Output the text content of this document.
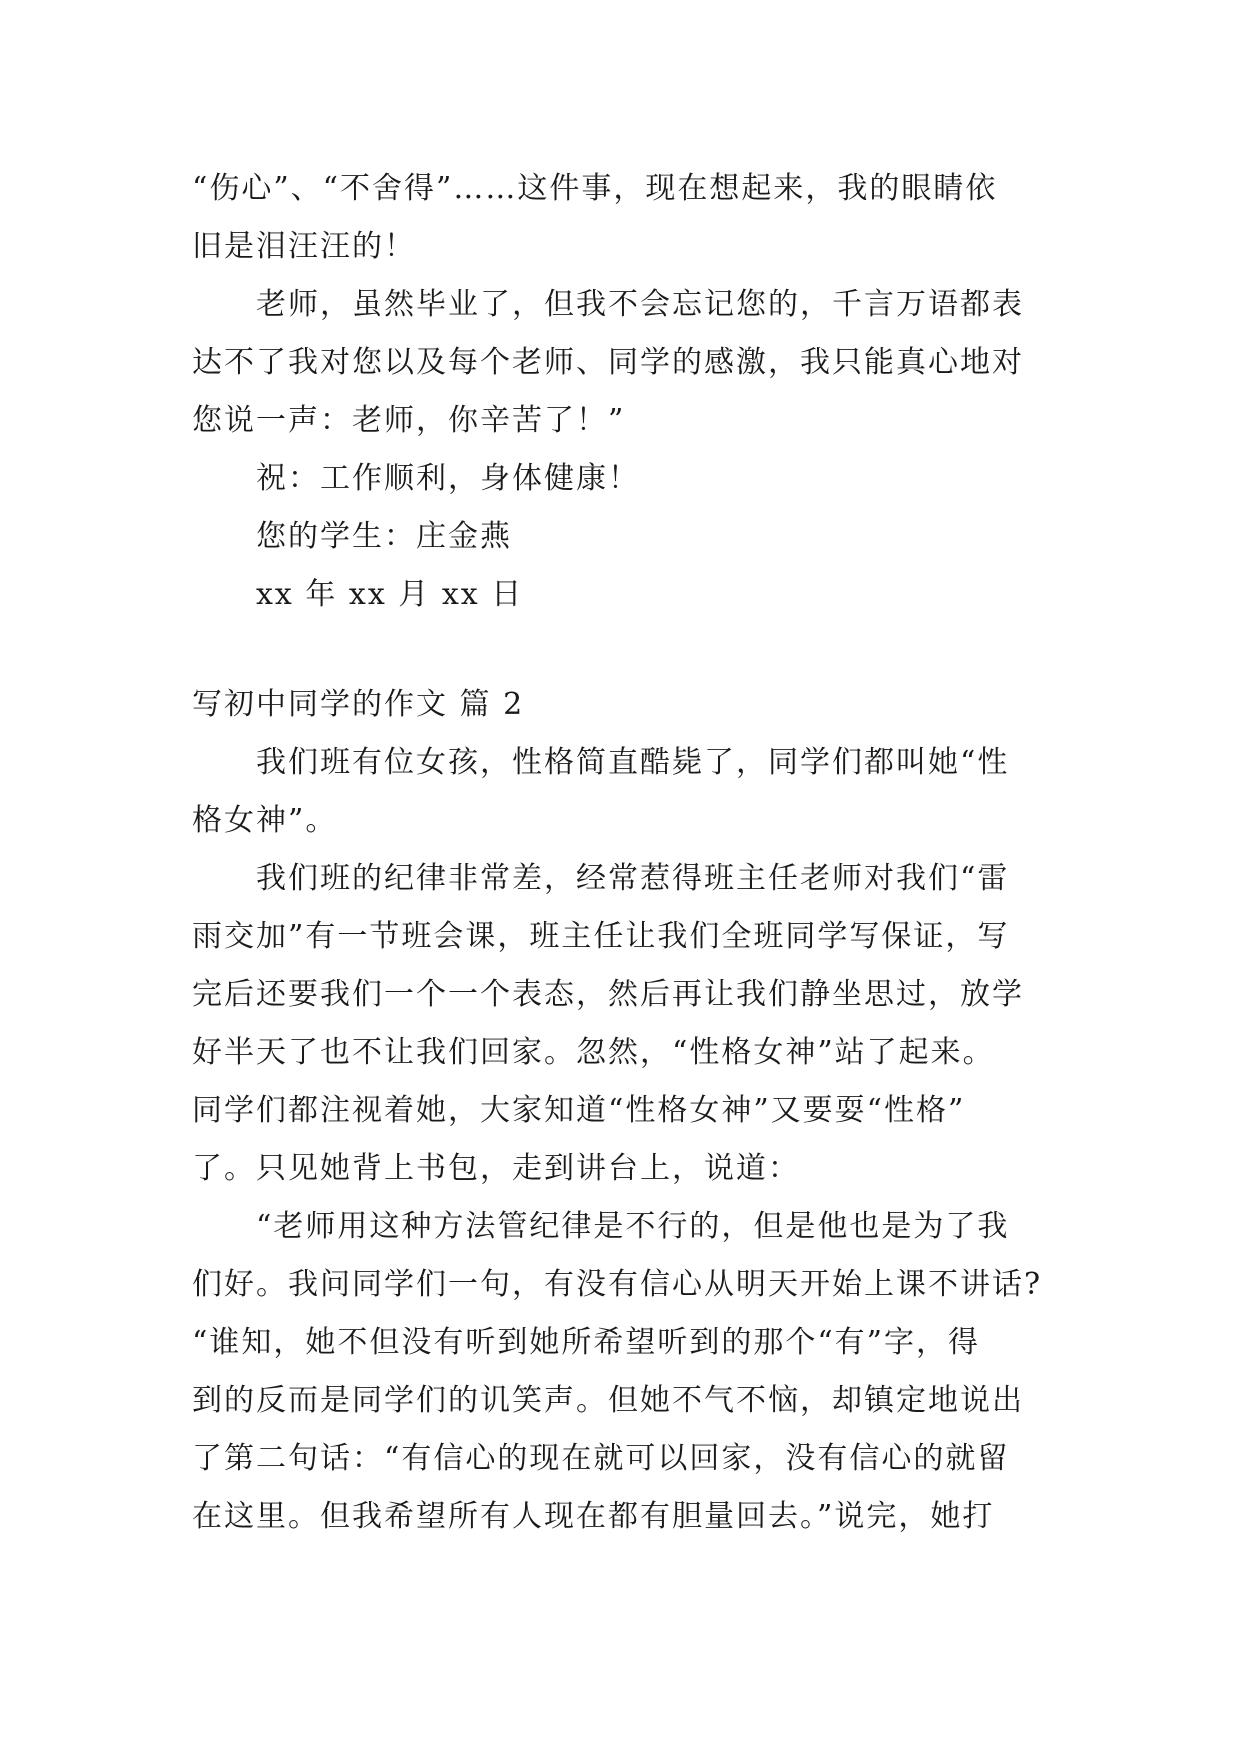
“伤心”、“不舍得”……这件事，现在想起来，我的眼睛依
旧是泪汪汪的！
老师，虽然毕业了，但我不会忘记您的，千言万语都表
达不了我对您以及每个老师、同学的感激，我只能真心地对
您说一声：老师，你辛苦了！”
祝：工作顺利，身体健康！
您的学生：庄金燕
xx 年 xx 月 xx 日
写初中同学的作文 篇 2
我们班有位女孩，性格简直酷毙了，同学们都叫她“性
格女神”。
我们班的纪律非常差，经常惹得班主任老师对我们“雷
雨交加”有一节班会课，班主任让我们全班同学写保证，写
完后还要我们一个一个表态，然后再让我们静坐思过，放学
好半天了也不让我们回家。忽然，“性格女神”站了起来。
同学们都注视着她，大家知道“性格女神”又要耍“性格”
了。只见她背上书包，走到讲台上，说道：
“老师用这种方法管纪律是不行的，但是他也是为了我
们好。我问同学们一句，有没有信心从明天开始上课不讲话?
“谁知，她不但没有听到她所希望听到的那个“有”字，得
到的反而是同学们的讥笑声。但她不气不恼，却镇定地说出
了第二句话：“有信心的现在就可以回家，没有信心的就留
在这里。但我希望所有人现在都有胆量回去。”说完，她打
